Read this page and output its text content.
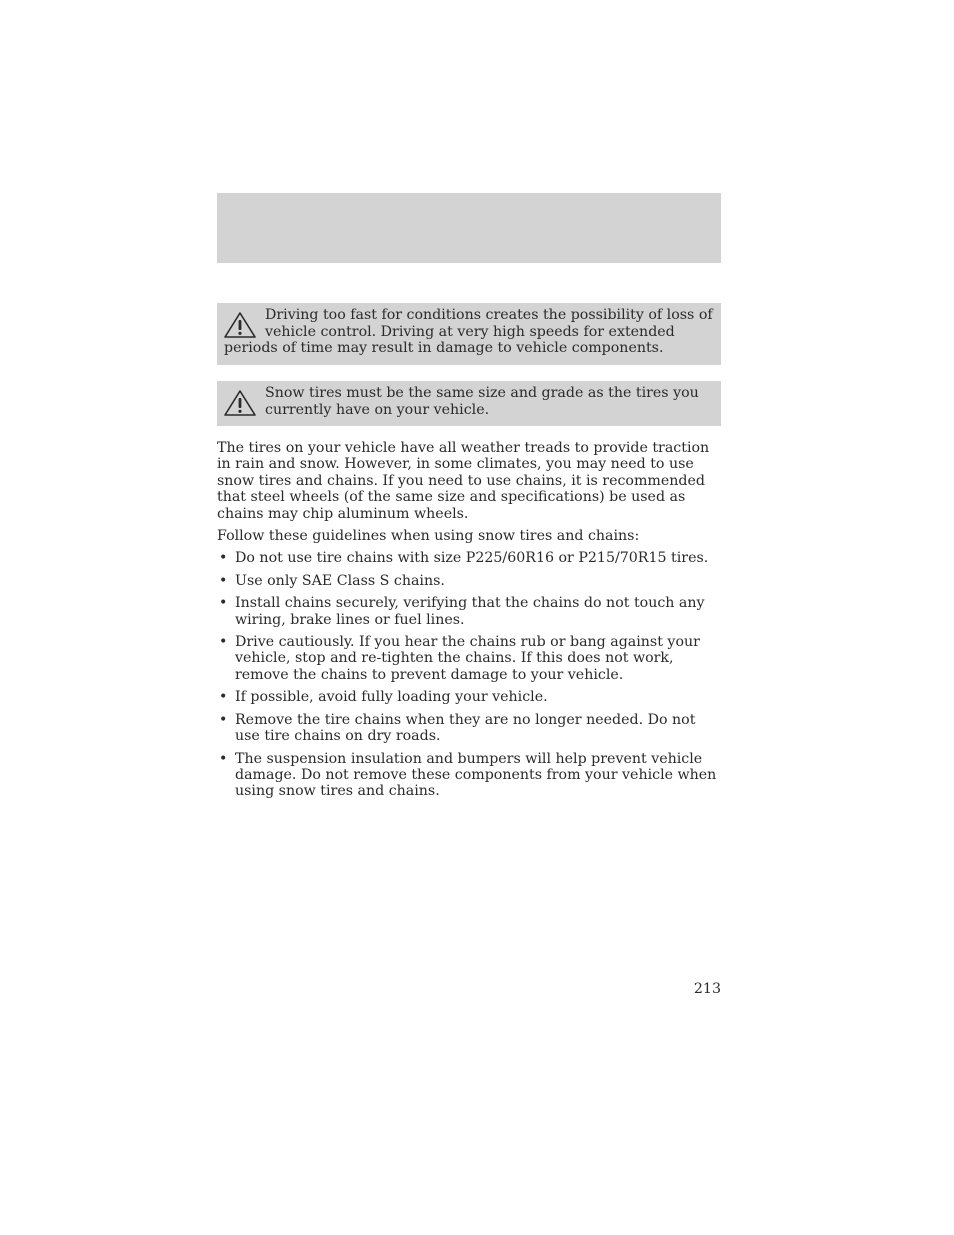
Driving too fast for conditions creates the possibility of loss of vehicle control. Driving at very high speeds for extended periods of time may result in damage to vehicle components.
Snow tires must be the same size and grade as the tires you currently have on your vehicle.

The tires on your vehicle have all weather treads to provide traction in rain and snow. However, in some climates, you may need to use snow tires and chains. If you need to use chains, it is recommended that steel wheels (of the same size and specifications) be used as chains may chip aluminum wheels.

Follow these guidelines when using snow tires and chains:

• Do not use tire chains with size P225/60R16 or P215/70R15 tires.
• Use only SAE Class S chains.
• Install chains securely, verifying that the chains do not touch any wiring, brake lines or fuel lines.
• Drive cautiously. If you hear the chains rub or bang against your vehicle, stop and re-tighten the chains. If this does not work, remove the chains to prevent damage to your vehicle.
• If possible, avoid fully loading your vehicle.
• Remove the tire chains when they are no longer needed. Do not use tire chains on dry roads.
• The suspension insulation and bumpers will help prevent vehicle damage. Do not remove these components from your vehicle when using snow tires and chains.
213
